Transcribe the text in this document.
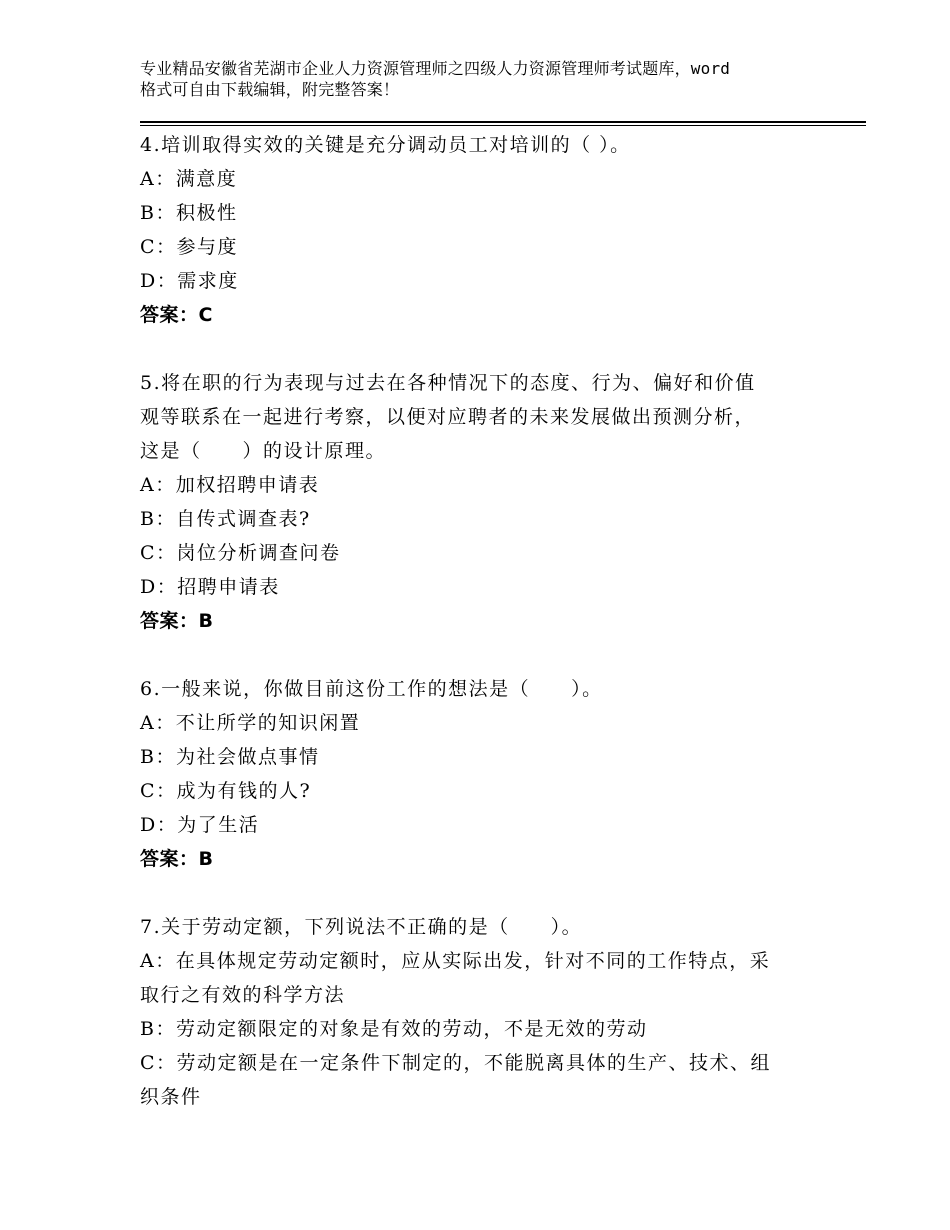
专业精品安徽省芜湖市企业人力资源管理师之四级人力资源管理师考试题库，word
格式可自由下载编辑，附完整答案！
4.培训取得实效的关键是充分调动员工对培训的（ ）。
A：满意度
B：积极性
C：参与度
D：需求度
答案：C
5.将在职的行为表现与过去在各种情况下的态度、行为、偏好和价值
观等联系在一起进行考察，以便对应聘者的未来发展做出预测分析，
这是（　　）的设计原理。
A：加权招聘申请表
B：自传式调查表?
C：岗位分析调查问卷
D：招聘申请表
答案：B
6.一般来说，你做目前这份工作的想法是（　　）。
A：不让所学的知识闲置
B：为社会做点事情
C：成为有钱的人?
D：为了生活
答案：B
7.关于劳动定额，下列说法不正确的是（　　）。
A：在具体规定劳动定额时，应从实际出发，针对不同的工作特点，采
取行之有效的科学方法
B：劳动定额限定的对象是有效的劳动，不是无效的劳动
C：劳动定额是在一定条件下制定的，不能脱离具体的生产、技术、组
织条件
